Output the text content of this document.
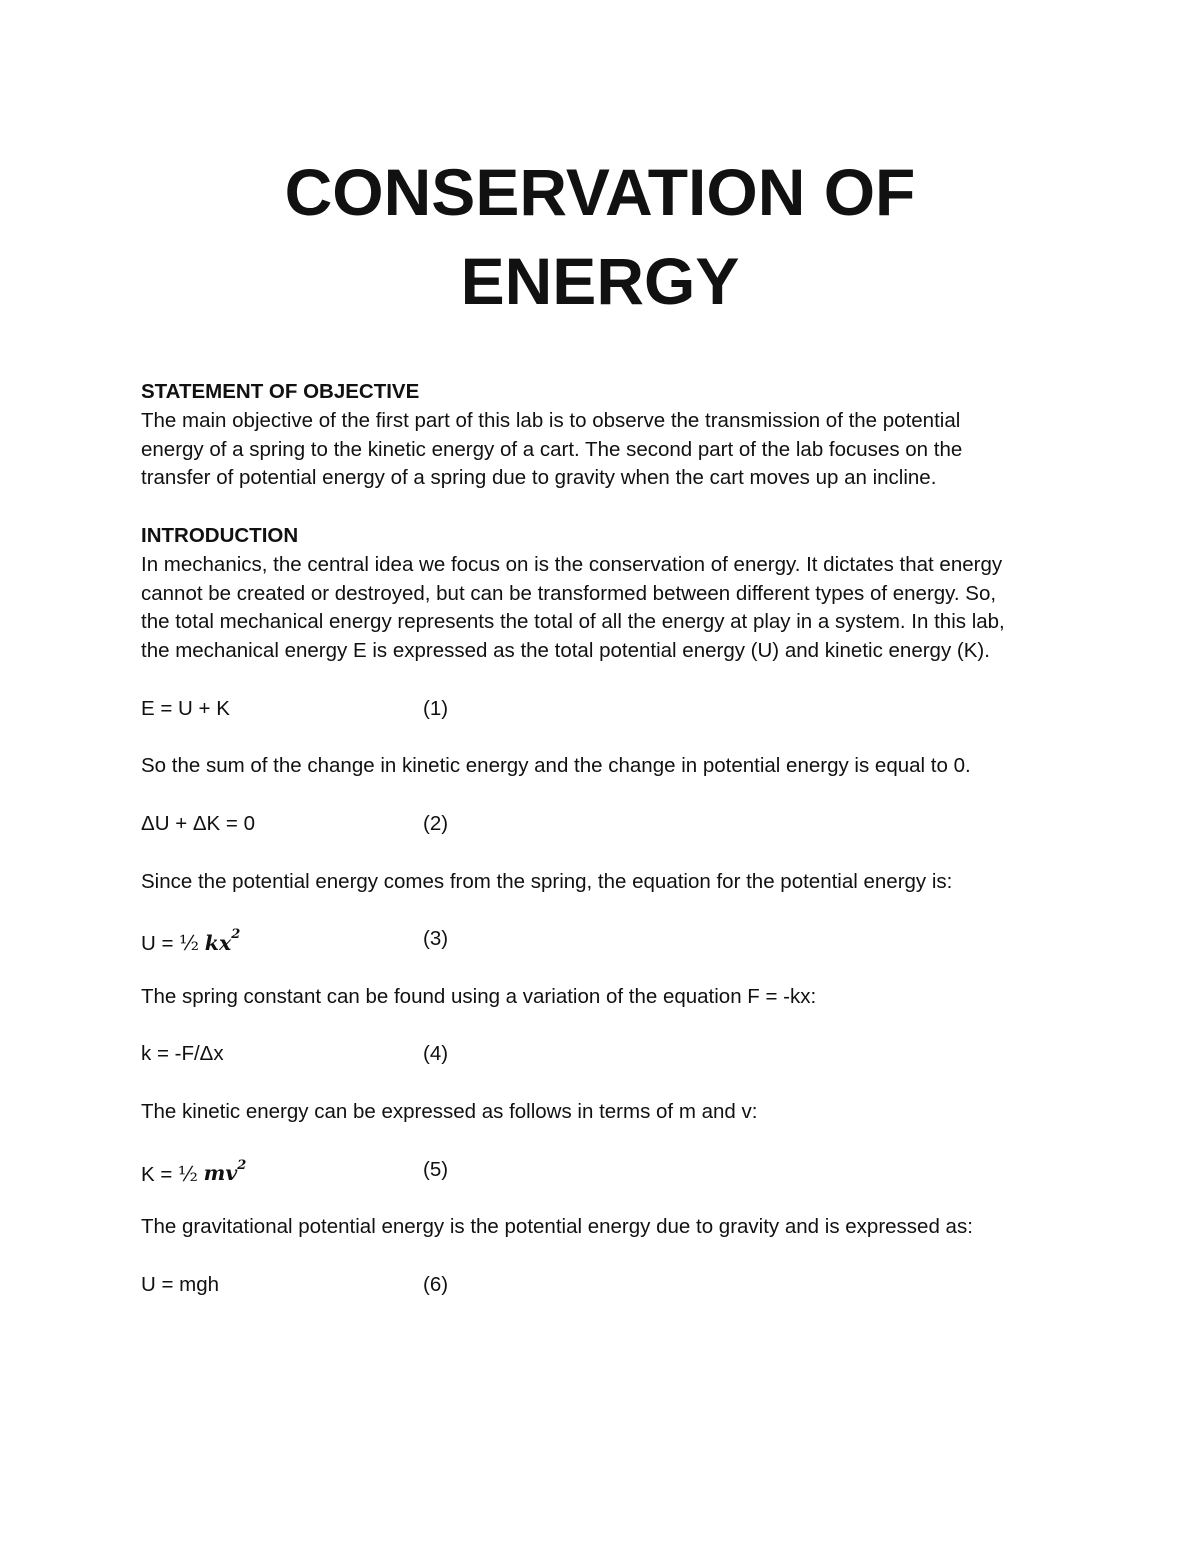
CONSERVATION OF
ENERGY

STATEMENT OF OBJECTIVE

The main objective of the first part of this lab is to observe the transmission of the potential

energy of a spring to the kinetic energy of a cart. The second part of the lab focuses on the

transfer of potential energy of a spring due to gravity when the cart moves up an incline.

INTRODUCTION

In mechanics, the central idea we focus on is the conservation of energy. It dictates that energy

cannot be created or destroyed, but can be transformed between different types of energy. So,

the total mechanical energy represents the total of all the energy at play in a system. In this lab,

the mechanical energy E is expressed as the total potential energy (U) and kinetic energy (K).

E = U + K	(1)

So the sum of the change in kinetic energy and the change in potential energy is equal to 0.

ΔU + ΔK = 0	(2)

Since the potential energy comes from the spring, the equation for the potential energy is:

U = ½ $kx^2$	(3)

The spring constant can be found using a variation of the equation F = -kx:

k = -F/Δx	(4)

The kinetic energy can be expressed as follows in terms of m and v:

K = ½ $mv^2$	(5)

The gravitational potential energy is the potential energy due to gravity and is expressed as:

U = mgh	(6)
